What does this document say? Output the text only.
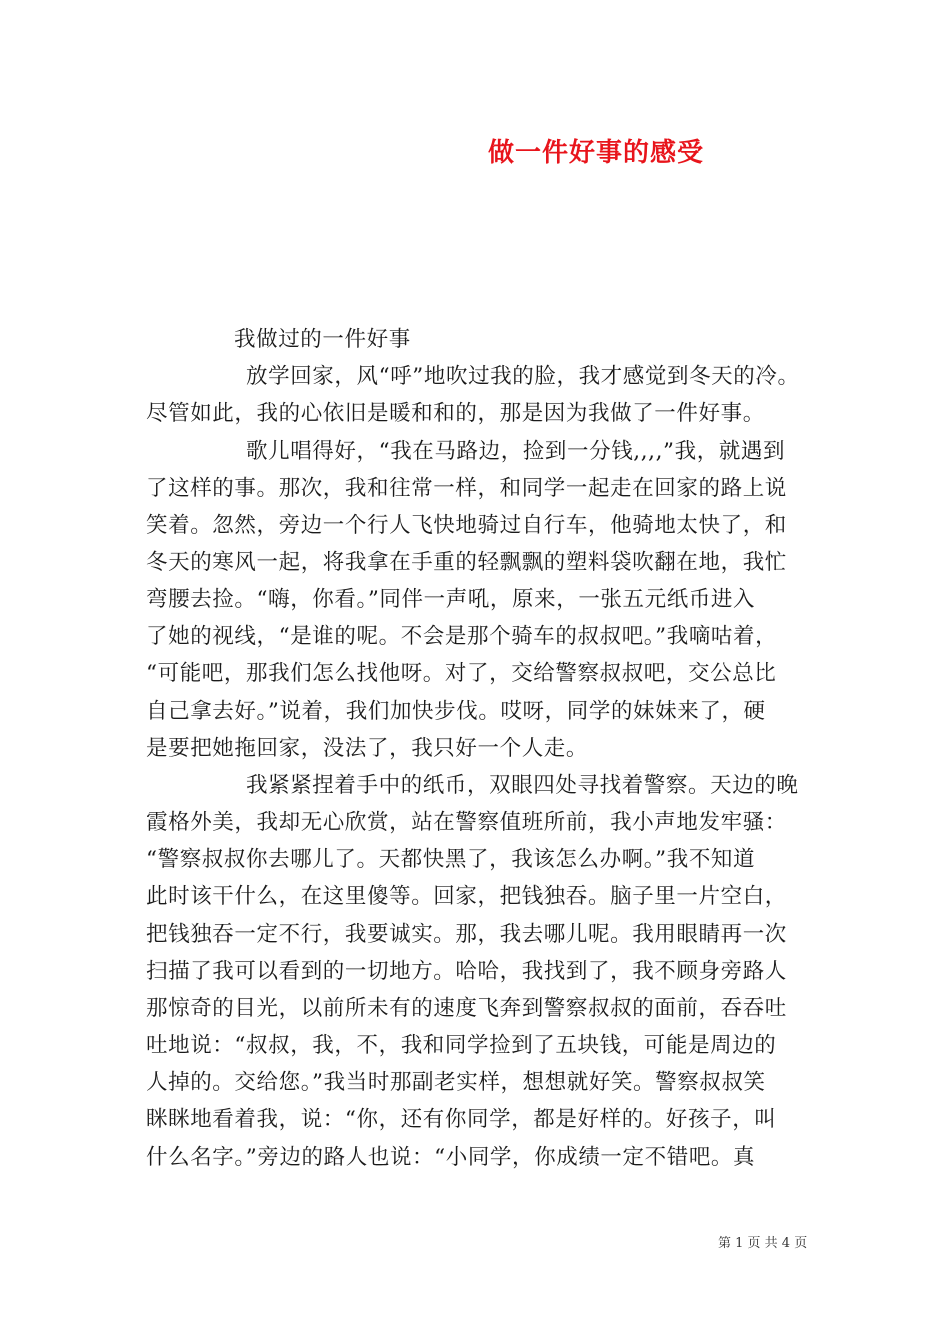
做一件好事的感受
我做过的一件好事
放学回家，风“呼”地吹过我的脸，我才感觉到冬天的冷。
尽管如此，我的心依旧是暖和和的，那是因为我做了一件好事。
歌儿唱得好，“我在马路边，捡到一分钱,,,,”我，就遇到
了这样的事。那次，我和往常一样，和同学一起走在回家的路上说
笑着。忽然，旁边一个行人飞快地骑过自行车，他骑地太快了，和
冬天的寒风一起，将我拿在手重的轻飘飘的塑料袋吹翻在地，我忙
弯腰去捡。“嗨，你看。”同伴一声吼，原来，一张五元纸币进入
了她的视线，“是谁的呢。不会是那个骑车的叔叔吧。”我嘀咕着，
“可能吧，那我们怎么找他呀。对了，交给警察叔叔吧，交公总比
自己拿去好。”说着，我们加快步伐。哎呀，同学的妹妹来了，硬
是要把她拖回家，没法了，我只好一个人走。
我紧紧捏着手中的纸币，双眼四处寻找着警察。天边的晚
霞格外美，我却无心欣赏，站在警察值班所前，我小声地发牢骚：
“警察叔叔你去哪儿了。天都快黑了，我该怎么办啊。”我不知道
此时该干什么，在这里傻等。回家，把钱独吞。脑子里一片空白，
把钱独吞一定不行，我要诚实。那，我去哪儿呢。我用眼睛再一次
扫描了我可以看到的一切地方。哈哈，我找到了，我不顾身旁路人
那惊奇的目光，以前所未有的速度飞奔到警察叔叔的面前，吞吞吐
吐地说：“叔叔，我，不，我和同学捡到了五块钱，可能是周边的
人掉的。交给您。”我当时那副老实样，想想就好笑。警察叔叔笑
眯眯地看着我，说：“你，还有你同学，都是好样的。好孩子，叫
什么名字。”旁边的路人也说：“小同学，你成绩一定不错吧。真
第 1 页 共 4 页
